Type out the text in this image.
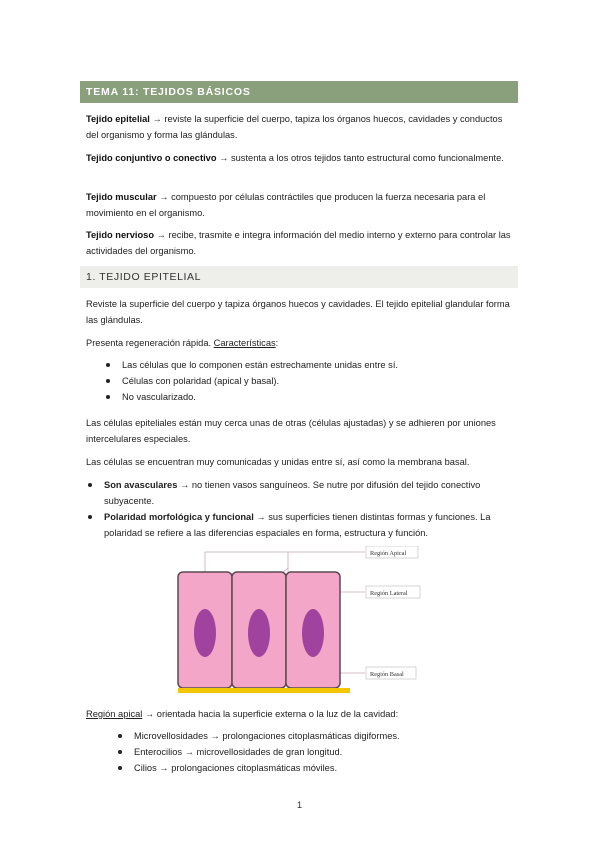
TEMA 11: TEJIDOS BÁSICOS
Tejido epitelial → reviste la superficie del cuerpo, tapiza los órganos huecos, cavidades y conductos del organismo y forma las glándulas.
Tejido conjuntivo o conectivo → sustenta a los otros tejidos tanto estructural como funcionalmente.
Tejido muscular → compuesto por células contráctiles que producen la fuerza necesaria para el movimiento en el organismo.
Tejido nervioso → recibe, trasmite e integra información del medio interno y externo para controlar las actividades del organismo.
1. TEJIDO EPITELIAL
Reviste la superficie del cuerpo y tapiza órganos huecos y cavidades. El tejido epitelial glandular forma las glándulas.
Presenta regeneración rápida. Características:
Las células que lo componen están estrechamente unidas entre sí.
Células con polaridad (apical y basal).
No vascularizado.
Las células epiteliales están muy cerca unas de otras (células ajustadas) y se adhieren por uniones intercelulares especiales.
Las células se encuentran muy comunicadas y unidas entre sí, así como la membrana basal.
Son avasculares → no tienen vasos sanguíneos. Se nutre por difusión del tejido conectivo subyacente.
Polaridad morfológica y funcional → sus superficies tienen distintas formas y funciones. La polaridad se refiere a las diferencias espaciales en forma, estructura y función.
Región Apical
Región Lateral
Región Basal
Región apical → orientada hacia la superficie externa o la luz de la cavidad:
Microvellosidades → prolongaciones citoplasmáticas digiformes.
Enterocilios → microvellosidades de gran longitud.
Cilios → prolongaciones citoplasmáticas móviles.
1
